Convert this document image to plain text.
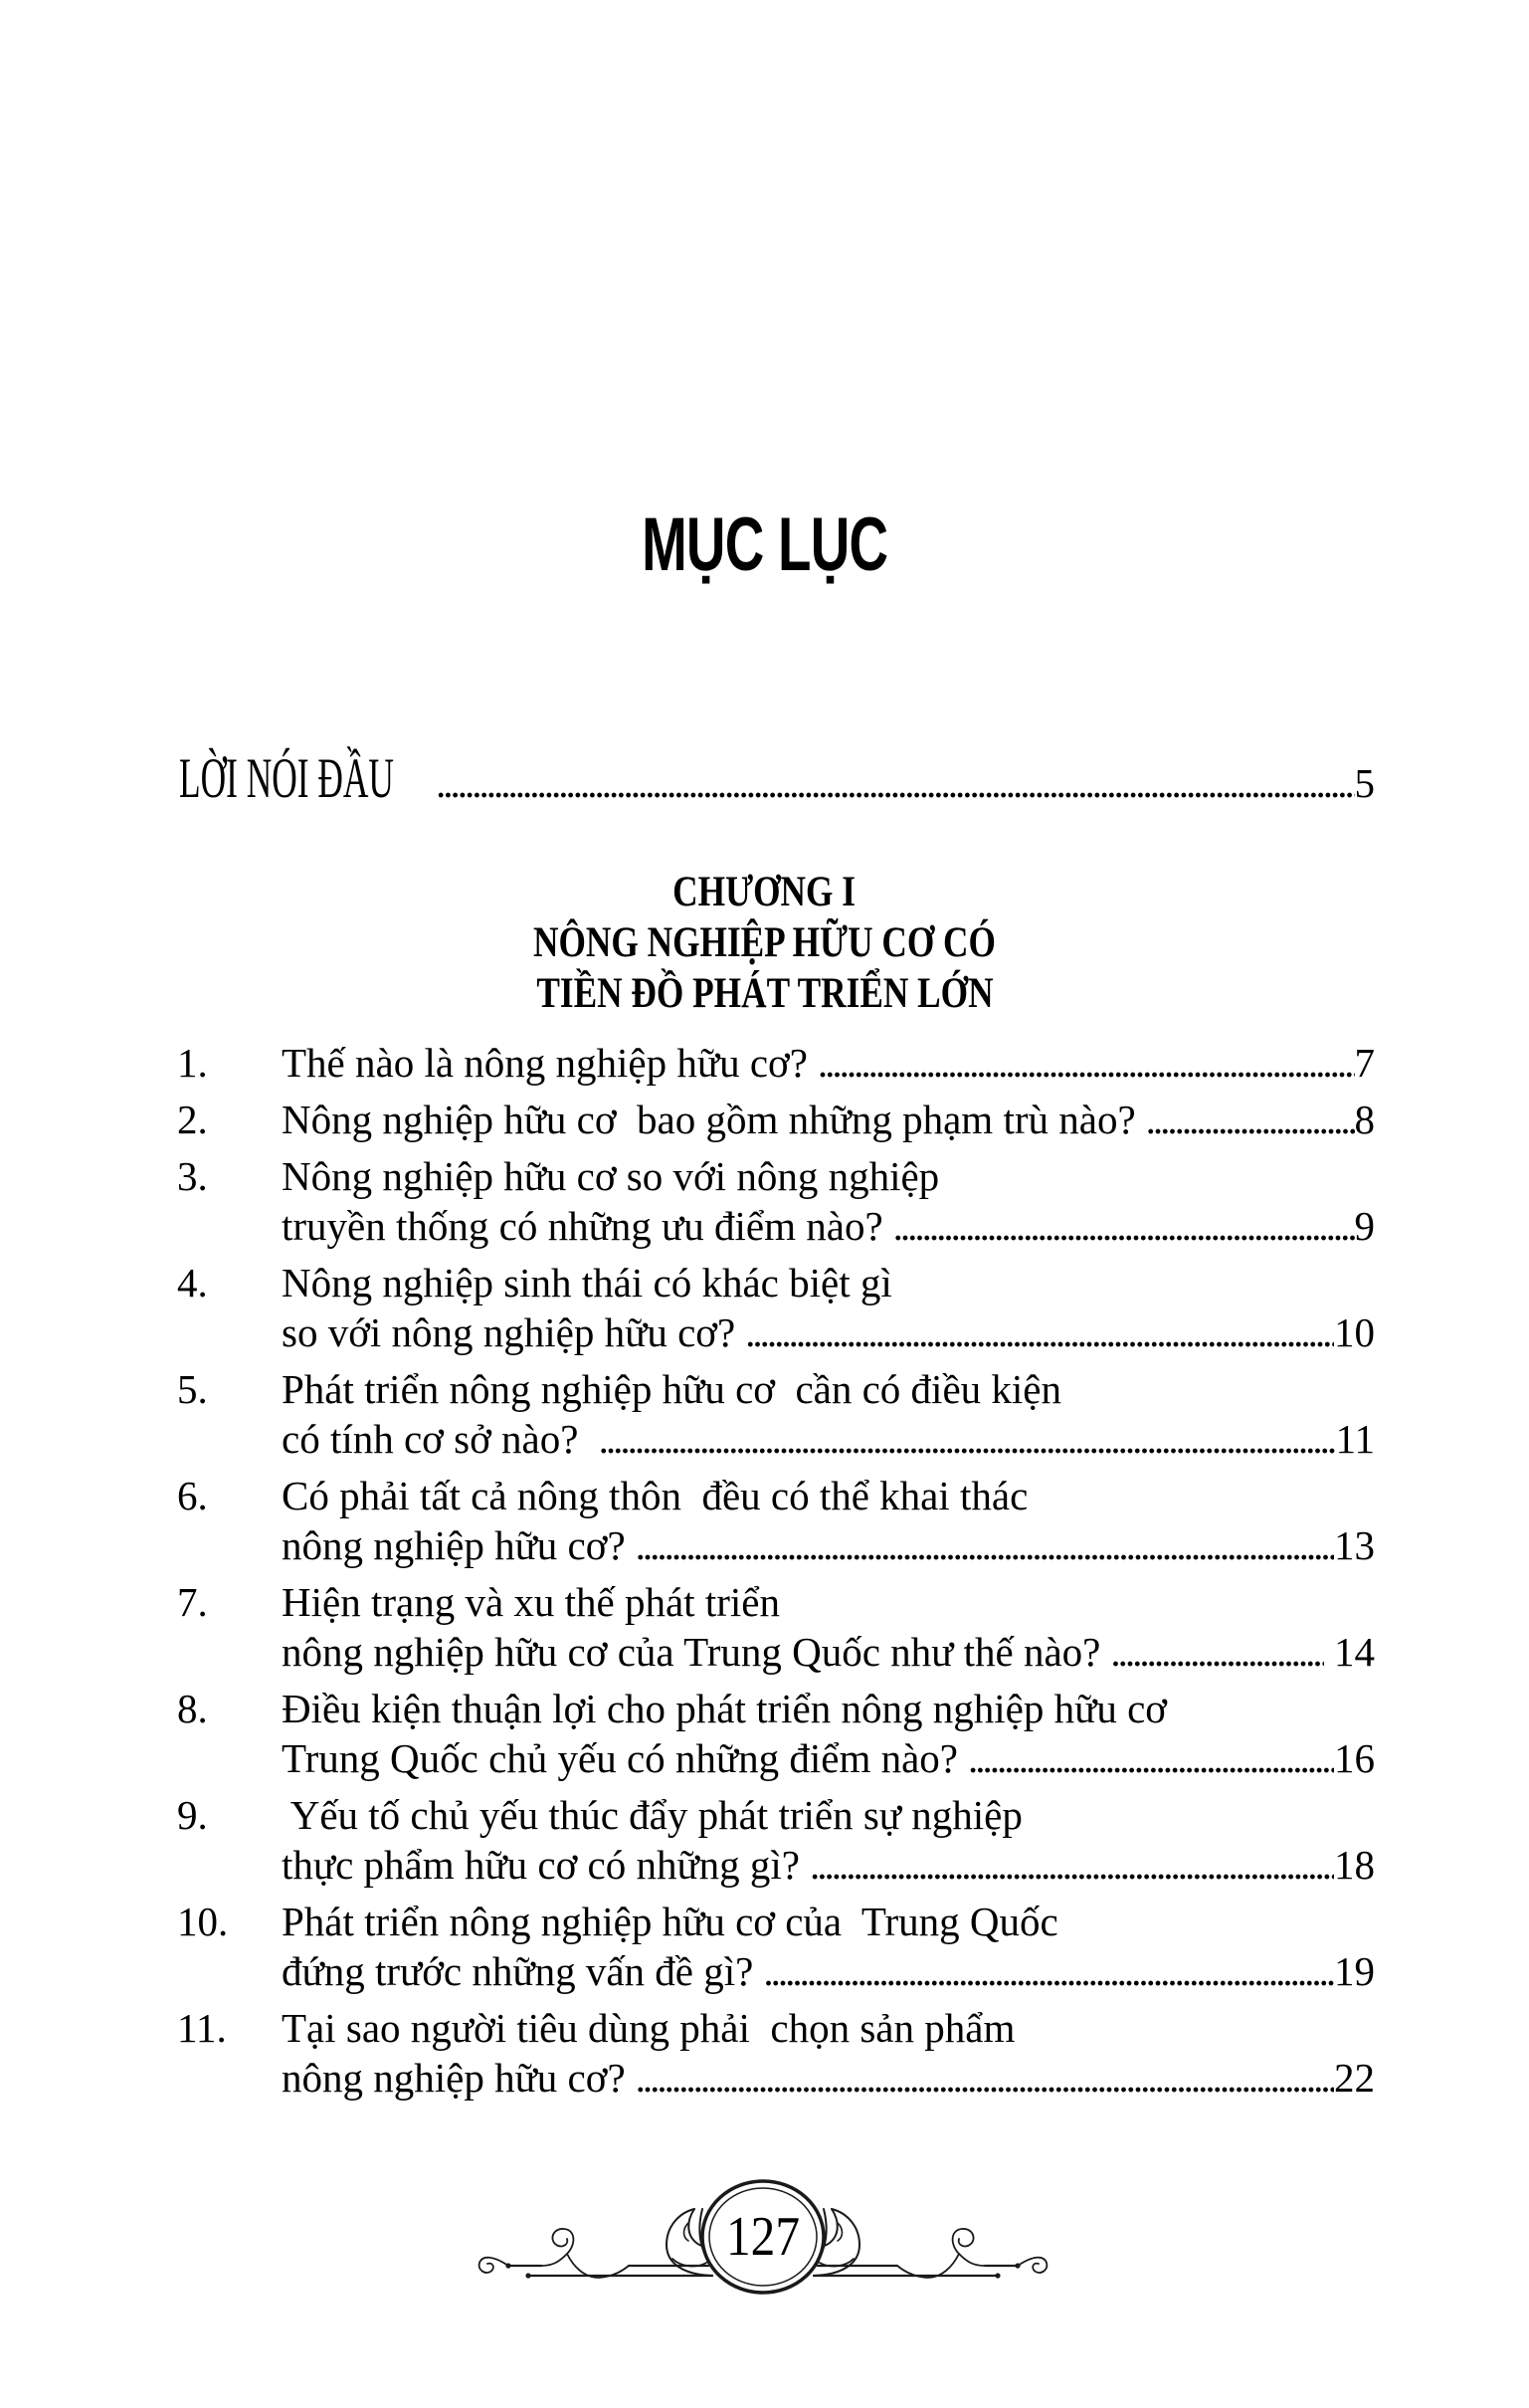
MỤC LỤC
LỜI NÓI ĐẦU .....	5
CHƯƠNG I
NÔNG NGHIỆP HỮU CƠ CÓ
TIỀN ĐỒ PHÁT TRIỂN LỚN
1.	Thế nào là nông nghiệp hữu cơ? .....	7
2.	Nông nghiệp hữu cơ  bao gồm những phạm trù nào? .....	8
3.	Nông nghiệp hữu cơ so với nông nghiệp
truyền thống có những ưu điểm nào? .....	9
4.	Nông nghiệp sinh thái có khác biệt gì
so với nông nghiệp hữu cơ? .....	10
5.	Phát triển nông nghiệp hữu cơ  cần có điều kiện
có tính cơ sở nào? .....	11
6.	Có phải tất cả nông thôn  đều có thể khai thác
nông nghiệp hữu cơ? .....	13
7.	Hiện trạng và xu thế phát triển
nông nghiệp hữu cơ của Trung Quốc như thế nào? .....	14
8.	Điều kiện thuận lợi cho phát triển nông nghiệp hữu cơ
Trung Quốc chủ yếu có những điểm nào? .....	16
9.	Yếu tố chủ yếu thúc đẩy phát triển sự nghiệp
thực phẩm hữu cơ có những gì? .....	18
10.	Phát triển nông nghiệp hữu cơ của  Trung Quốc
đứng trước những vấn đề gì? .....	19
11.	Tại sao người tiêu dùng phải  chọn sản phẩm
nông nghiệp hữu cơ? .....	22
127
